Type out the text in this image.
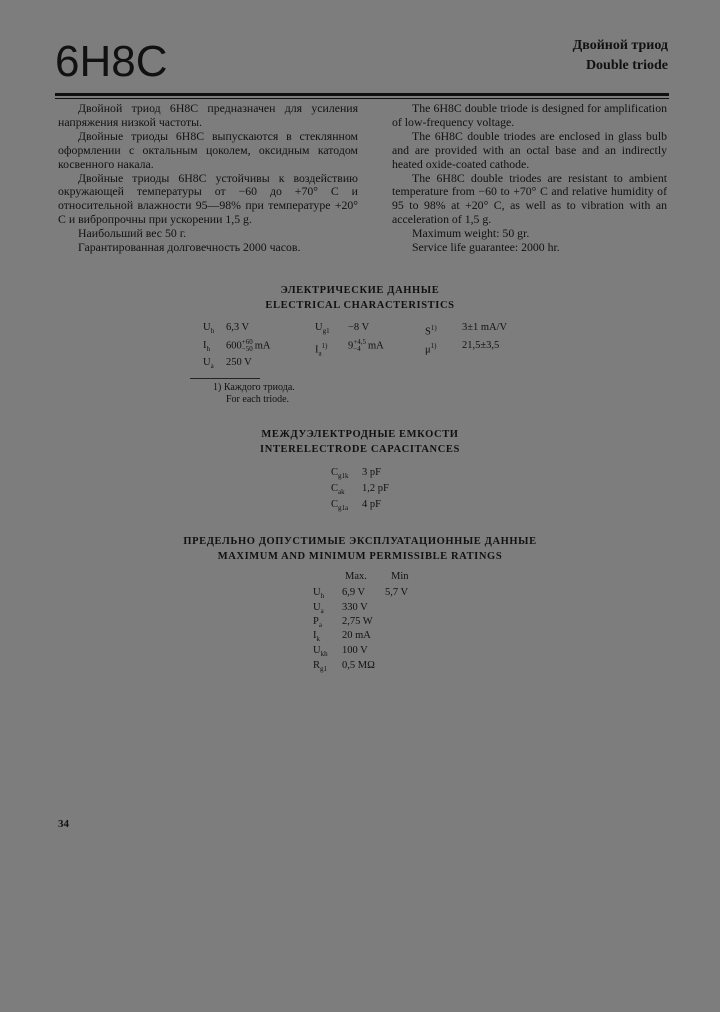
6H8C	Двойной триод
Double triode

Двойной триод 6H8C предназначен для усиления напряжения низкой частоты.

Двойные триоды 6H8C выпускаются в стеклянном оформлении с октальным цоколем, оксидным катодом косвенного накала.

Двойные триоды 6H8C устойчивы к воздействию окружающей температуры от −60 до +70° C и относительной влажности 95—98% при температуре +20° C и вибропрочны при ускорении 1,5 g.

Наибольший вес 50 г.

Гарантированная долговечность 2000 часов.

The 6H8C double triode is designed for amplification of low-frequency voltage.

The 6H8C double triodes are enclosed in glass bulb and are provided with an octal base and an indirectly heated oxide-coated cathode.

The 6H8C double triodes are resistant to ambient temperature from −60 to +70° C and relative humidity of 95 to 98% at +20° C, as well as to vibration with an acceleration of 1,5 g.

Maximum weight: 50 gr.

Service life guarantee: 2000 hr.

ЭЛЕКТРИЧЕСКИЕ ДАННЫЕ
ELECTRICAL CHARACTERISTICS
$U_h$ 6,3 V
$I_h$ 600 +60
−50 mA
$U_a$ 250 V
$U_{g1} -8$ V
$I_a^{1)}$ 9 +4,5
−4 mA
$S^{1)}$ 3±1 mA/V
$\mu^{1)}$ 21,5±3,5
1) Каждого триода.
For each triode.
МЕЖДУЭЛЕКТРОДНЫЕ ЕМКОСТИ
INTERELECTRODE CAPACITANCES
$C_{g1k}$ 3 pF
$C_{ak}$ 1,2 pF
$C_{g1a}$ 4 pF
ПРЕДЕЛЬНО ДОПУСТИМЫЕ ЭКСПЛУАТАЦИОННЫЕ ДАННЫЕ
MAXIMUM AND MINIMUM PERMISSIBLE RATINGS
Max. Min
$U_h$ 6,9 V 5,7 V
$U_a$ 330 V
$P_a$ 2,75 W
$I_k$ 20 mA
$U_{kh}$ 100 V
$R_{g1}$ 0,5 MΩ
34
